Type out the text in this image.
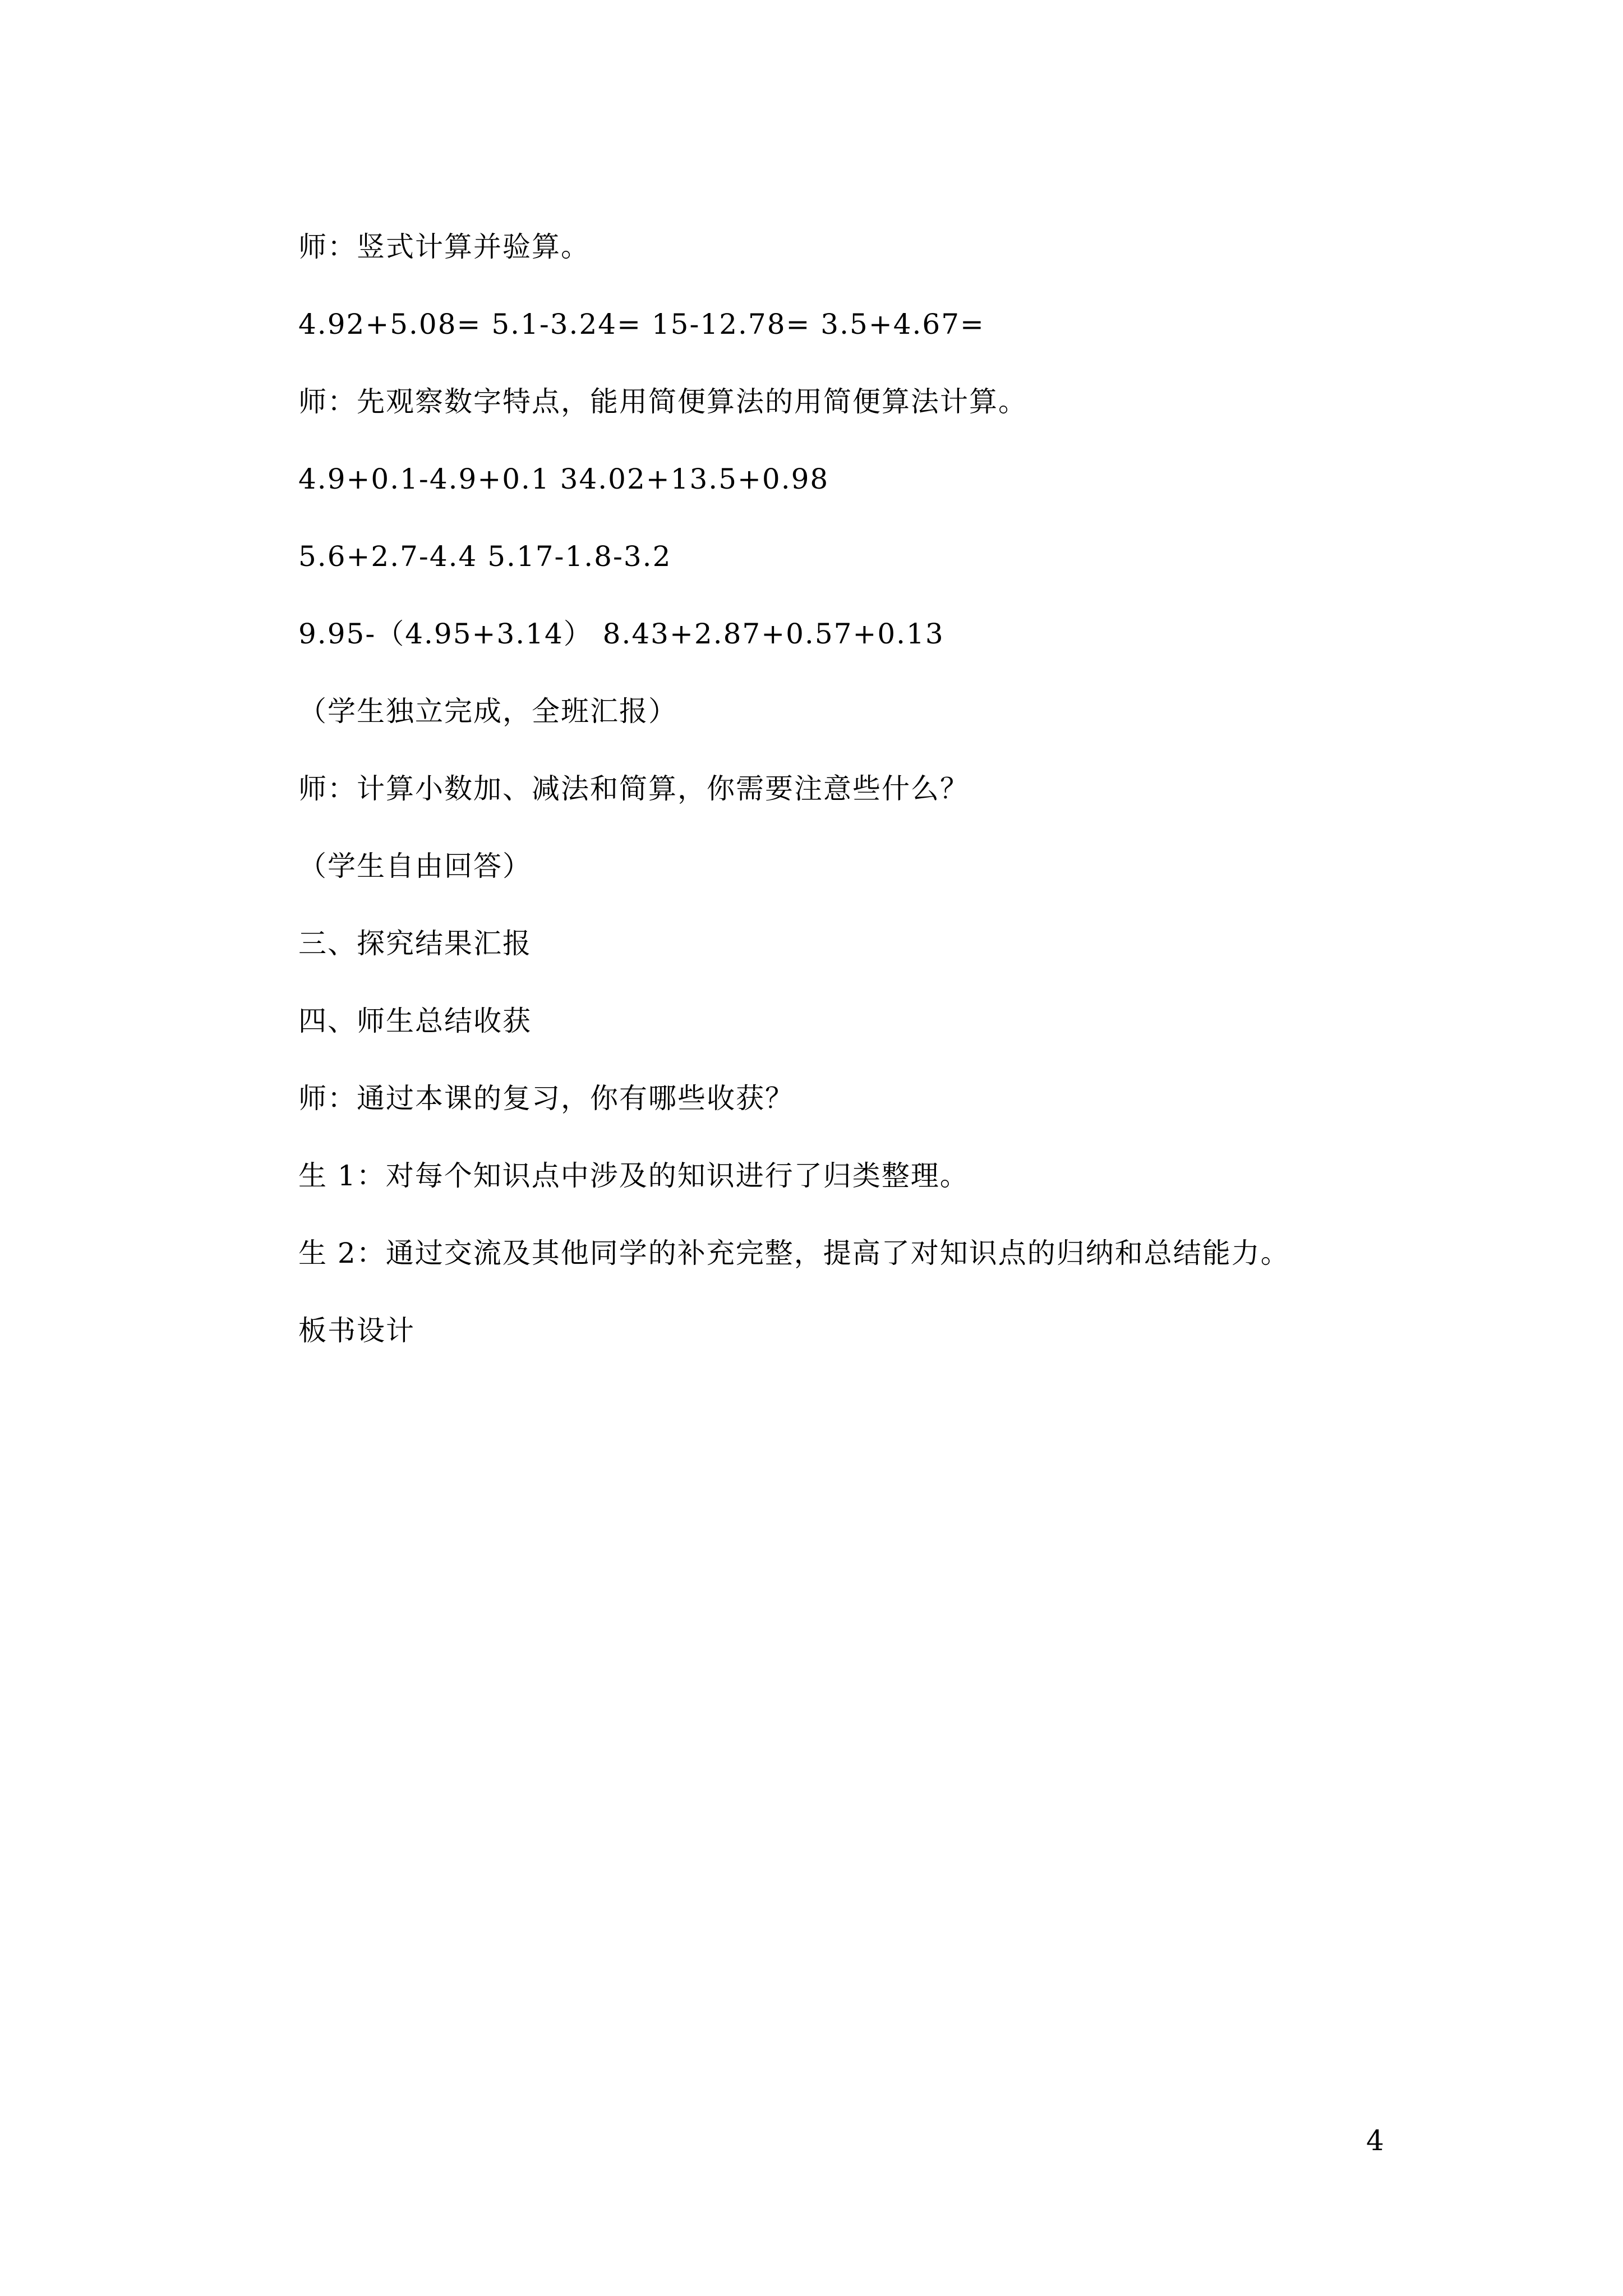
师：竖式计算并验算。
4.92+5.08= 5.1-3.24= 15-12.78= 3.5+4.67=
师：先观察数字特点，能用简便算法的用简便算法计算。
4.9+0.1-4.9+0.1 34.02+13.5+0.98
5.6+2.7-4.4 5.17-1.8-3.2
9.95-（4.95+3.14） 8.43+2.87+0.57+0.13
（学生独立完成，全班汇报）
师：计算小数加、减法和简算，你需要注意些什么？
（学生自由回答）
三、探究结果汇报
四、师生总结收获
师：通过本课的复习，你有哪些收获？
生 1：对每个知识点中涉及的知识进行了归类整理。
生 2：通过交流及其他同学的补充完整，提高了对知识点的归纳和总结能力。
板书设计
4
